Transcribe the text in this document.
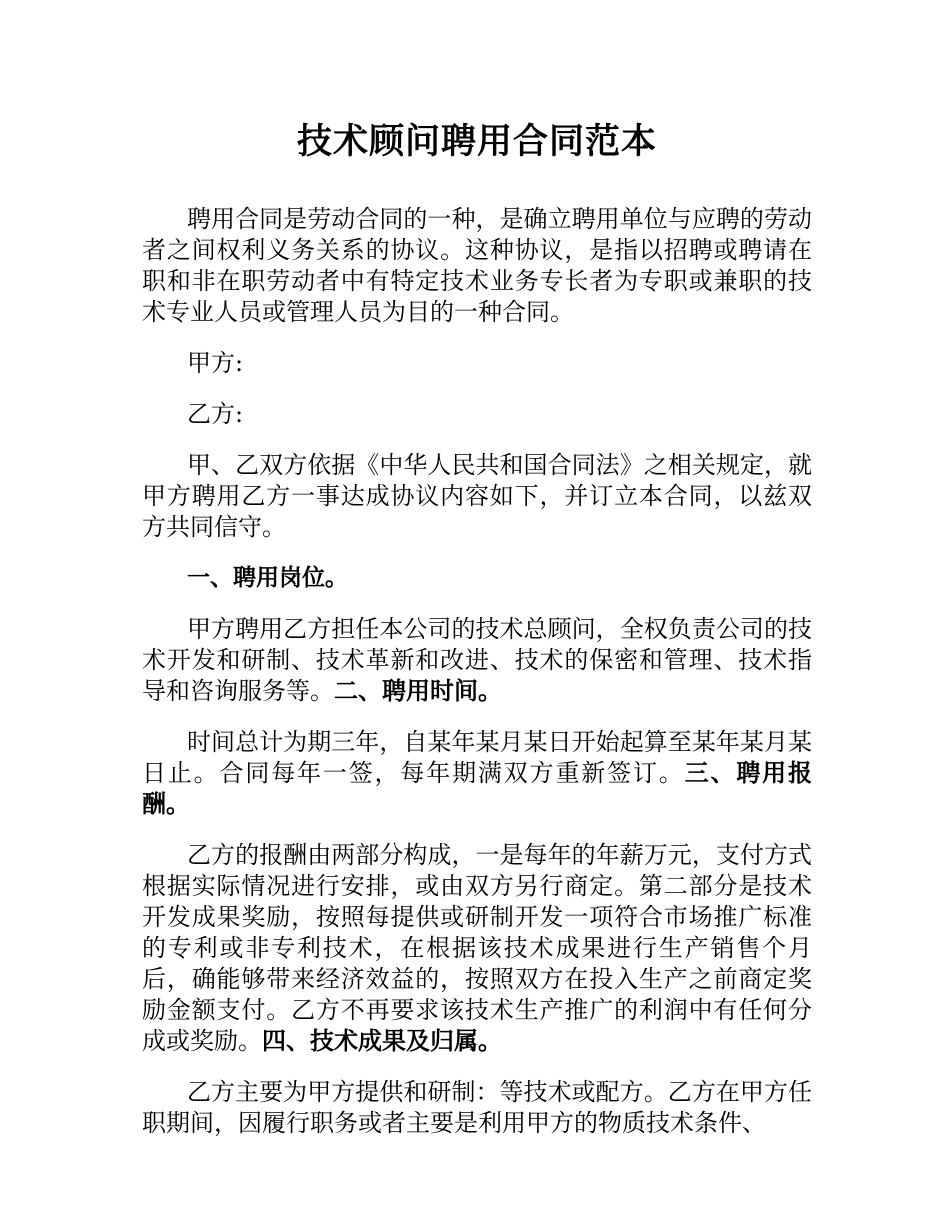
技术顾问聘用合同范本

聘用合同是劳动合同的一种，是确立聘用单位与应聘的劳动者之间权利义务关系的协议。这种协议，是指以招聘或聘请在职和非在职劳动者中有特定技术业务专长者为专职或兼职的技术专业人员或管理人员为目的一种合同。

甲方:

乙方:

甲、乙双方依据《中华人民共和国合同法》之相关规定，就甲方聘用乙方一事达成协议内容如下，并订立本合同，以兹双方共同信守。

一、聘用岗位。

甲方聘用乙方担任本公司的技术总顾问，全权负责公司的技术开发和研制、技术革新和改进、技术的保密和管理、技术指导和咨询服务等。二、聘用时间。

时间总计为期三年，自某年某月某日开始起算至某年某月某日止。合同每年一签，每年期满双方重新签订。三、聘用报酬。

乙方的报酬由两部分构成，一是每年的年薪万元，支付方式根据实际情况进行安排，或由双方另行商定。第二部分是技术开发成果奖励，按照每提供或研制开发一项符合市场推广标准的专利或非专利技术，在根据该技术成果进行生产销售个月后，确能够带来经济效益的，按照双方在投入生产之前商定奖励金额支付。乙方不再要求该技术生产推广的利润中有任何分成或奖励。四、技术成果及归属。

乙方主要为甲方提供和研制：等技术或配方。乙方在甲方任职期间，因履行职务或者主要是利用甲方的物质技术条件、
